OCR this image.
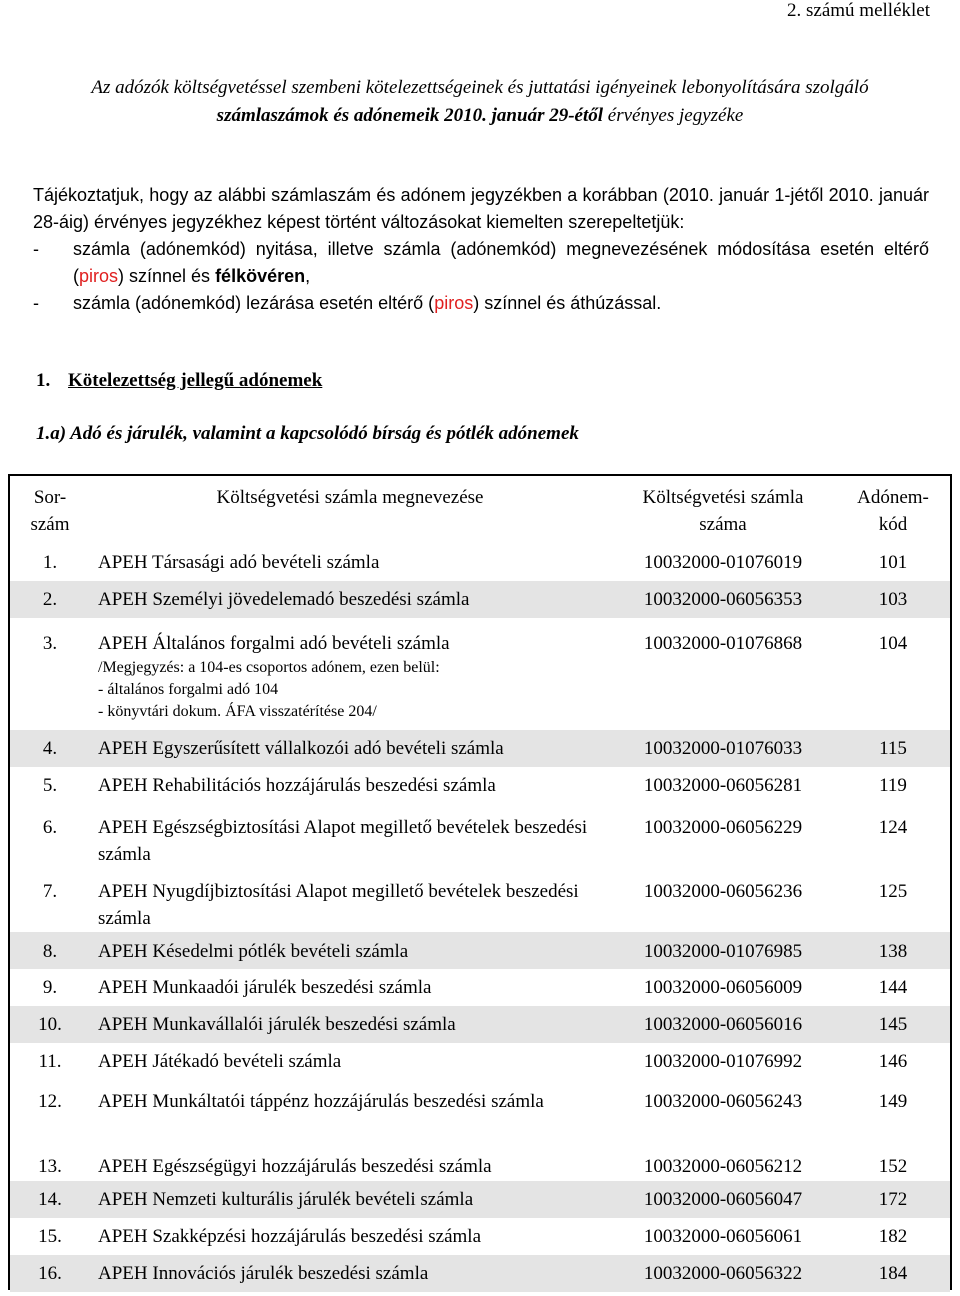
2. számú melléklet
Az adózók költségvetéssel szembeni kötelezettségeinek és juttatási igényeinek lebonyolítására szolgáló számlaszámok és adónemeik 2010. január 29-étől érvényes jegyzéke

Tájékoztatjuk, hogy az alábbi számlaszám és adónem jegyzékben a korábban (2010. január 1-jétől 2010. január 28-áig) érvényes jegyzékhez képest történt változásokat kiemelten szerepeltetjük:

-	számla (adónemkód) nyitása, illetve számla (adónemkód) megnevezésének módosítása esetén eltérő (piros) színnel és félkövéren,
-	számla (adónemkód) lezárása esetén eltérő (piros) színnel és áthúzással.
1. Kötelezettség jellegű adónemek
1.a) Adó és járulék, valamint a kapcsolódó bírság és pótlék adónemek
Sor-
szám
Költségvetési számla megnevezése	Költségvetési számla
száma
Adónem-
kód
1.	APEH Társasági adó bevételi számla	10032000-01076019	101
2.	APEH Személyi jövedelemadó beszedési számla	10032000-06056353	103
3.	APEH Általános forgalmi adó bevételi számla
/Megjegyzés: a 104-es csoportos adónem, ezen belül:
- általános forgalmi adó 104
- könyvtári dokum. ÁFA visszatérítése 204/
10032000-01076868	104
4.	APEH Egyszerűsített vállalkozói adó bevételi számla	10032000-01076033	115
5.	APEH Rehabilitációs hozzájárulás beszedési számla	10032000-06056281	119
6.	APEH Egészségbiztosítási Alapot megillető bevételek beszedési számla
10032000-06056229	124
7.	APEH Nyugdíjbiztosítási Alapot megillető bevételek beszedési számla
10032000-06056236	125
8.	APEH Késedelmi pótlék bevételi számla	10032000-01076985	138
9.	APEH Munkaadói járulék beszedési számla	10032000-06056009	144
10.	APEH Munkavállalói járulék beszedési számla	10032000-06056016	145
11.	APEH Játékadó bevételi számla	10032000-01076992	146
12.	APEH Munkáltatói táppénz hozzájárulás beszedési számla	10032000-06056243	149
13.	APEH Egészségügyi hozzájárulás beszedési számla	10032000-06056212	152
14.	APEH Nemzeti kulturális járulék bevételi számla	10032000-06056047	172
15.	APEH Szakképzési hozzájárulás beszedési számla	10032000-06056061	182
16.	APEH Innovációs járulék beszedési számla	10032000-06056322	184
